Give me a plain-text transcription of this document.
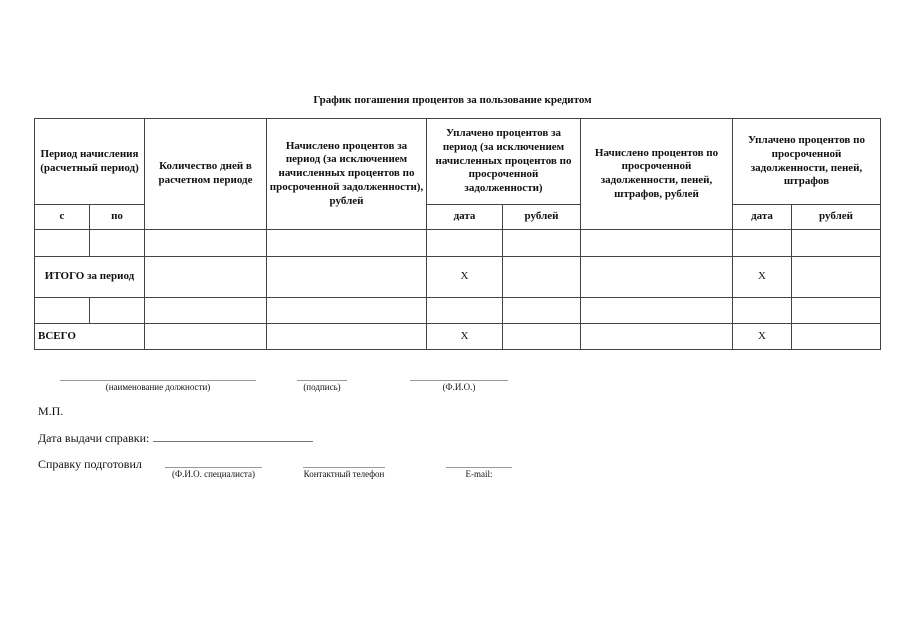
График погашения процентов за пользование кредитом
Период начисления (расчетный период)		Количество дней в расчетном периоде	Начислено процентов за период (за исключением начисленных процентов по просроченной задолженности), рублей	Уплачено процентов за период (за исключением начисленных процентов по просроченной задолженности)		Начислено процентов по просроченной задолженности, пеней, штрафов, рублей	Уплачено процентов по просроченной задолженности, пеней, штрафов	
с	по			дата	рублей		дата	рублей

ИТОГО за период				Х			Х	

ВСЕГО				Х			Х	
(наименование должности)	(подпись)	(Ф.И.О.)
М.П.
Дата выдачи справки:
Справку подготовил
(Ф.И.О. специалиста)	Контактный телефон	E-mail:
